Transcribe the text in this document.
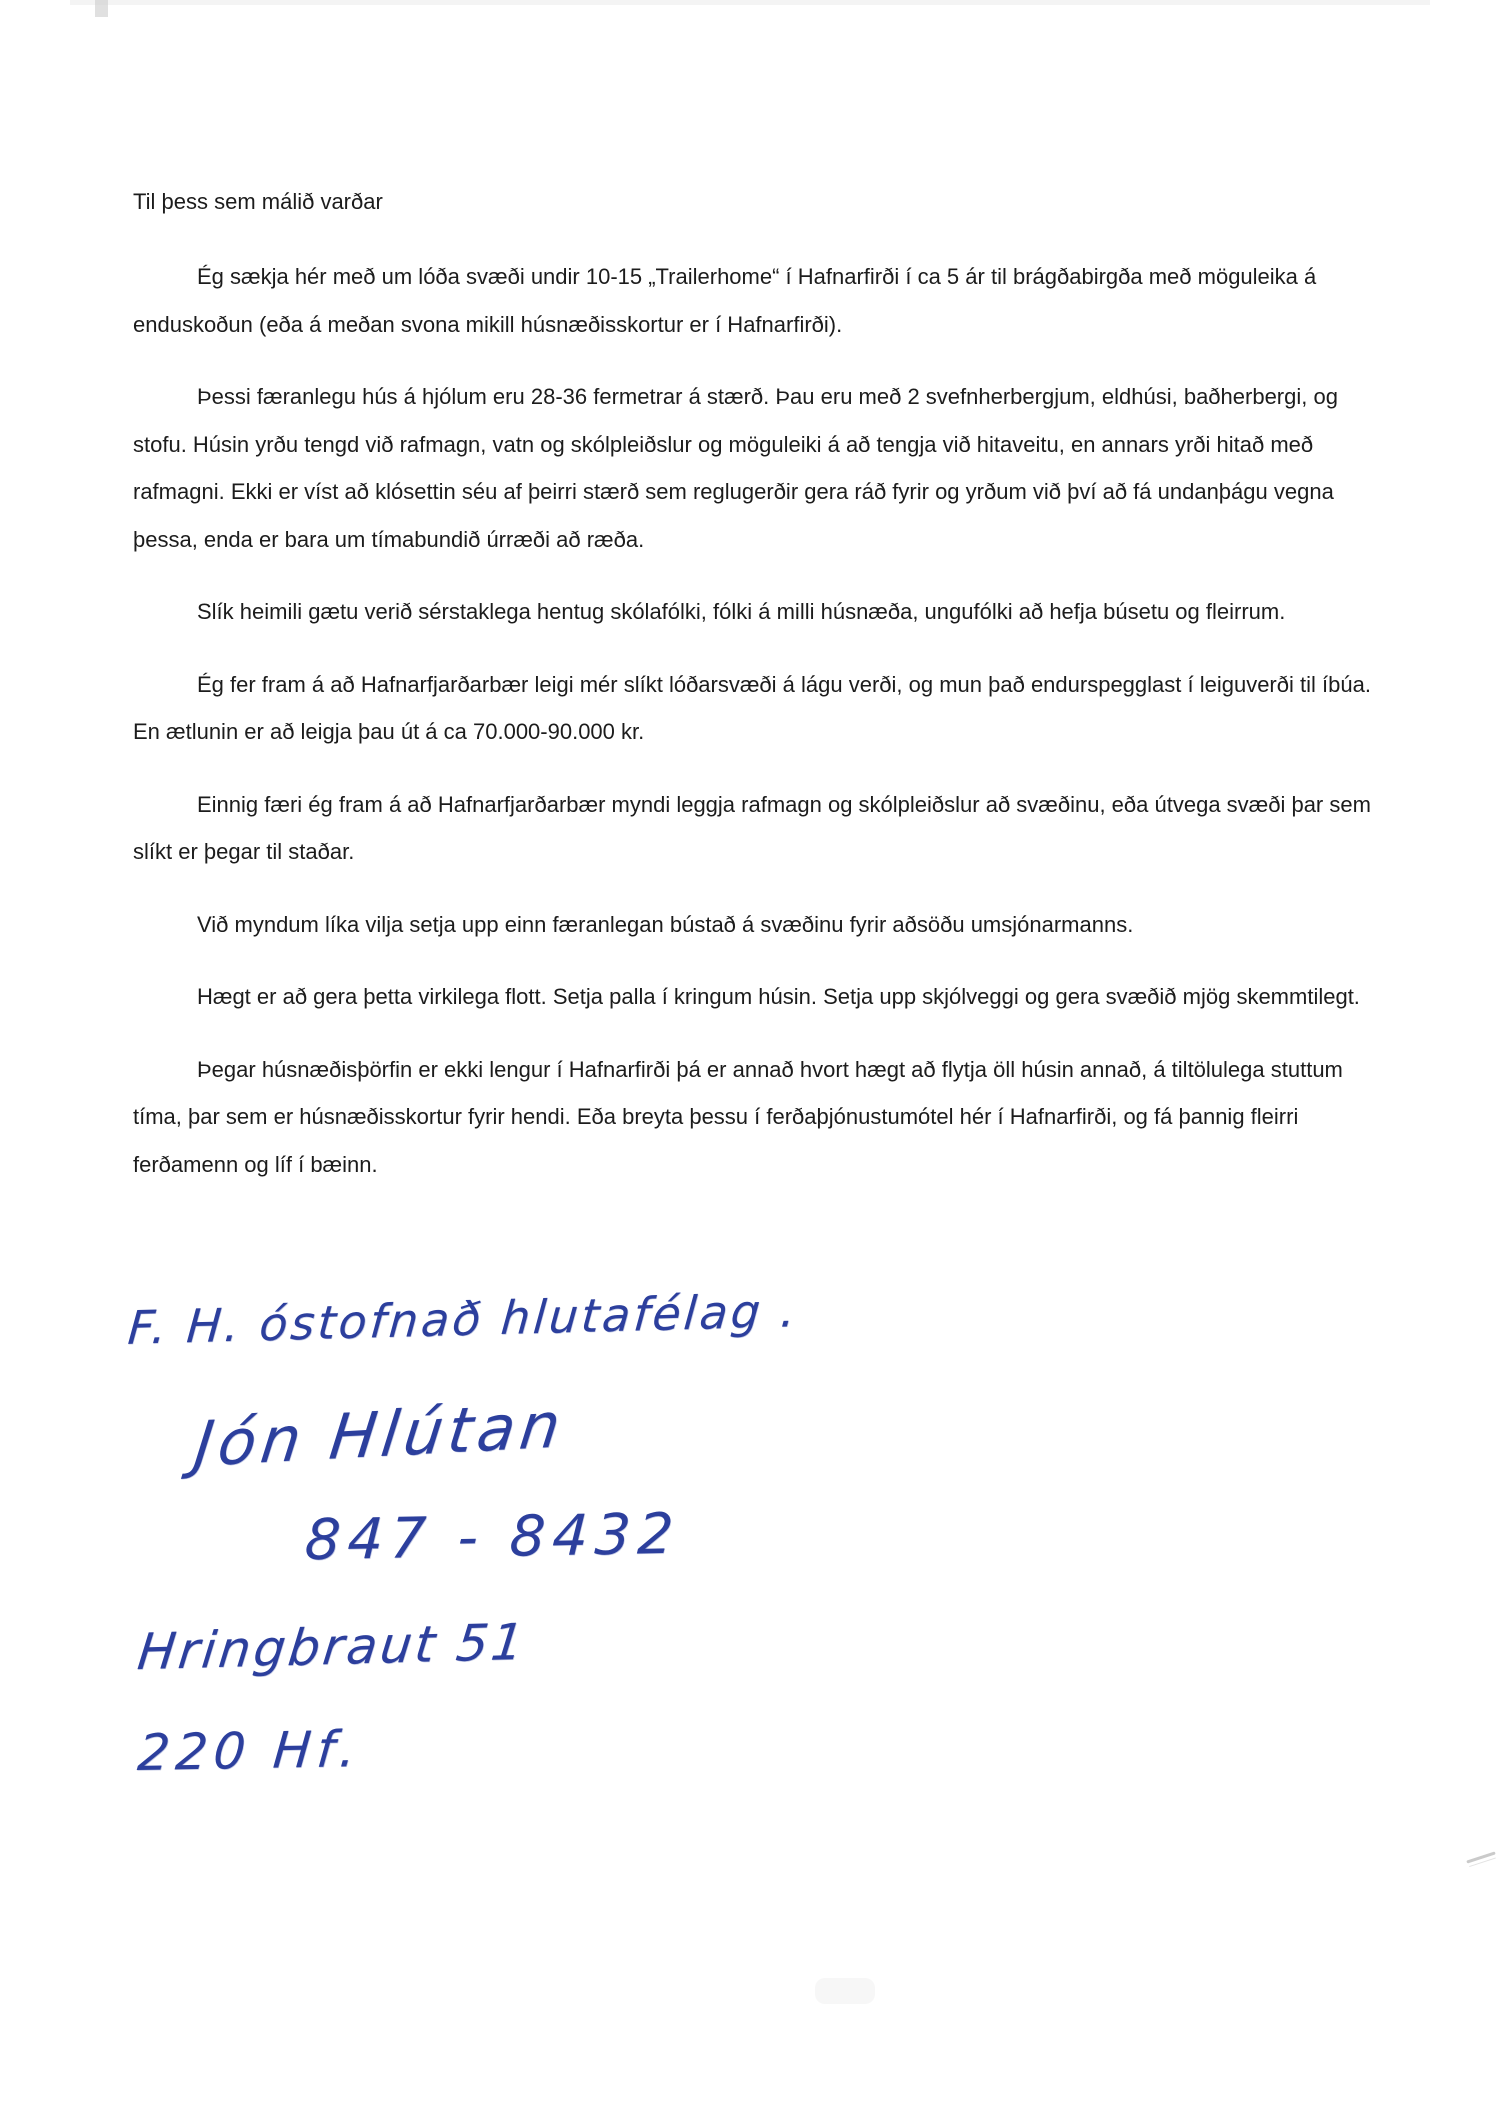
Til þess sem málið varðar

Ég sækja hér með um lóða svæði undir 10-15 „Trailerhome“ í Hafnarfirði í ca 5 ár til brágðabirgða með möguleika á enduskoðun (eða á meðan svona mikill húsnæðisskortur er í Hafnarfirði).

Þessi færanlegu hús á hjólum eru 28-36 fermetrar á stærð. Þau eru með 2 svefnherbergjum, eldhúsi, baðherbergi, og stofu. Húsin yrðu tengd við rafmagn, vatn og skólpleiðslur og möguleiki á að tengja við hitaveitu, en annars yrði hitað með rafmagni. Ekki er víst að klósettin séu af þeirri stærð sem reglugerðir gera ráð fyrir og yrðum við því að fá undanþágu vegna þessa, enda er bara um tímabundið úrræði að ræða.

Slík heimili gætu verið sérstaklega hentug skólafólki, fólki á milli húsnæða, ungufólki að hefja búsetu og fleirrum.

Ég fer fram á að Hafnarfjarðarbær leigi mér slíkt lóðarsvæði á lágu verði, og mun það endurspegglast í leiguverði til íbúa. En ætlunin er að leigja þau út á ca 70.000-90.000 kr.

Einnig færi ég fram á að Hafnarfjarðarbær myndi leggja rafmagn og skólpleiðslur að svæðinu, eða útvega svæði þar sem slíkt er þegar til staðar.

Við myndum líka vilja setja upp einn færanlegan bústað á svæðinu fyrir aðsöðu umsjónarmanns.

Hægt er að gera þetta virkilega flott. Setja palla í kringum húsin. Setja upp skjólveggi og gera svæðið mjög skemmtilegt.

Þegar húsnæðisþörfin er ekki lengur í Hafnarfirði þá er annað hvort hægt að flytja öll húsin annað, á tiltölulega stuttum tíma, þar sem er húsnæðisskortur fyrir hendi. Eða breyta þessu í ferðaþjónustumótel hér í Hafnarfirði, og fá þannig fleirri ferðamenn og líf í bæinn.

F. H. óstofnað hlutafélag .
Jón Hlútan
847 - 8432
Hringbraut 51
220 Hf.
